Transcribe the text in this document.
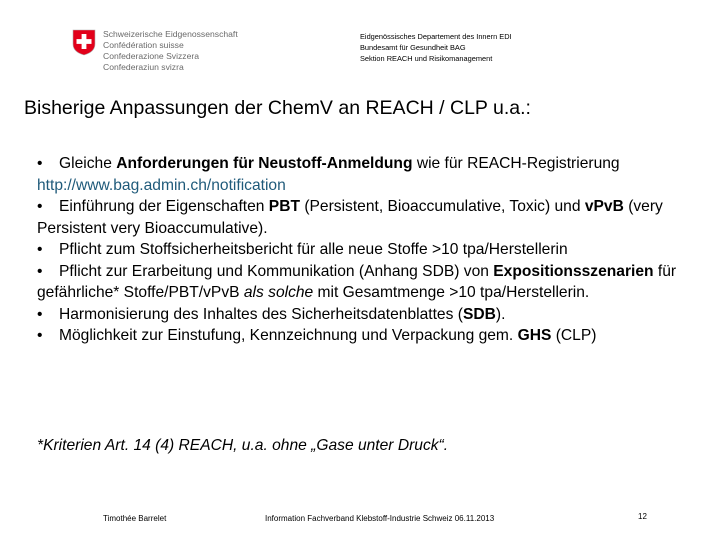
Schweizerische Eidgenossenschaft
Confédération suisse
Confederazione Svizzera
Confederaziun svizra
Eidgenössisches Departement des Innern EDI
Bundesamt für Gesundheit BAG
Sektion REACH und Risikomanagement
Bisherige Anpassungen der ChemV an REACH / CLP u.a.:

• Gleiche Anforderungen für Neustoff-Anmeldung wie für REACH-Registrierung http://www.bag.admin.ch/notification

• Einführung der Eigenschaften PBT (Persistent, Bioaccumulative, Toxic) und vPvB (very Persistent very Bioaccumulative).

• Pflicht zum Stoffsicherheitsbericht für alle neue Stoffe >10 tpa/Herstellerin

• Pflicht zur Erarbeitung und Kommunikation (Anhang SDB) von Expositionsszenarien für gefährliche* Stoffe/PBT/vPvB als solche mit Gesamtmenge >10 tpa/Herstellerin.

• Harmonisierung des Inhaltes des Sicherheitsdatenblattes (SDB).

• Möglichkeit zur Einstufung, Kennzeichnung und Verpackung gem. GHS (CLP)

*Kriterien Art. 14 (4) REACH, u.a. ohne „Gase unter Druck“.

Timothée Barrelet	Information Fachverband Klebstoff-Industrie Schweiz 06.11.2013	12
